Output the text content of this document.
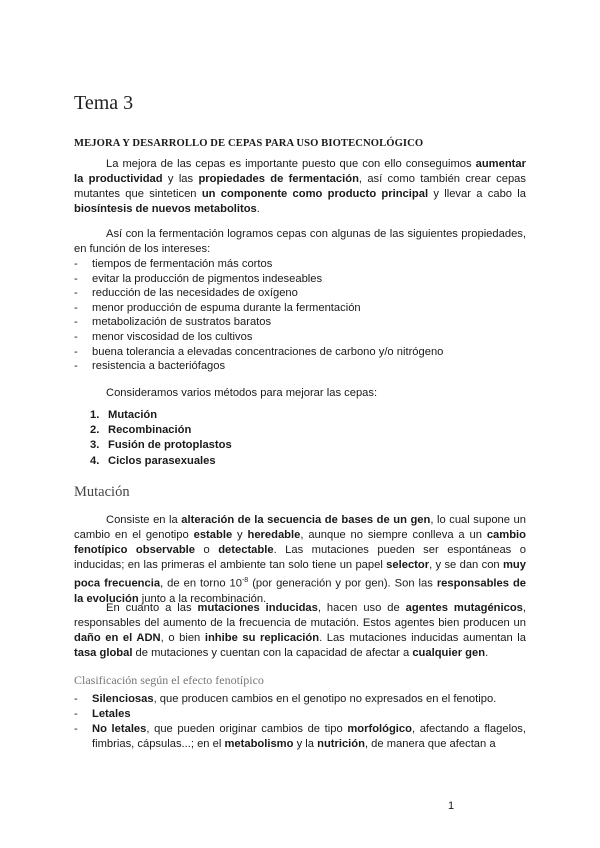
Tema 3
MEJORA Y DESARROLLO DE CEPAS PARA USO BIOTECNOLÓGICO

La mejora de las cepas es importante puesto que con ello conseguimos aumentar la productividad y las propiedades de fermentación, así como también crear cepas mutantes que sinteticen un componente como producto principal y llevar a cabo la biosíntesis de nuevos metabolitos.

Así con la fermentación logramos cepas con algunas de las siguientes propiedades, en función de los intereses:

- tiempos de fermentación más cortos
- evitar la producción de pigmentos indeseables
- reducción de las necesidades de oxígeno
- menor producción de espuma durante la fermentación
- metabolización de sustratos baratos
- menor viscosidad de los cultivos
- buena tolerancia a elevadas concentraciones de carbono y/o nitrógeno
- resistencia a bacteriófagos

Consideramos varios métodos para mejorar las cepas:

1. Mutación
2. Recombinación
3. Fusión de protoplastos
4. Ciclos parasexuales
Mutación

Consiste en la alteración de la secuencia de bases de un gen, lo cual supone un cambio en el genotipo estable y heredable, aunque no siempre conlleva a un cambio fenotípico observable o detectable. Las mutaciones pueden ser espontáneas o inducidas; en las primeras el ambiente tan solo tiene un papel selector, y se dan con muy poca frecuencia, de en torno $10^{-8}$ (por generación y por gen). Son las responsables de la evolución junto a la recombinación.

En cuanto a las mutaciones inducidas, hacen uso de agentes mutagénicos, responsables del aumento de la frecuencia de mutación. Estos agentes bien producen un daño en el ADN, o bien inhibe su replicación. Las mutaciones inducidas aumentan la tasa global de mutaciones y cuentan con la capacidad de afectar a cualquier gen.

Clasificación según el efecto fenotípico
- Silenciosas, que producen cambios en el genotipo no expresados en el fenotipo.
- Letales
- No letales, que pueden originar cambios de tipo morfológico, afectando a flagelos, fimbrias, cápsulas...; en el metabolismo y la nutrición, de manera que afectan a
1
